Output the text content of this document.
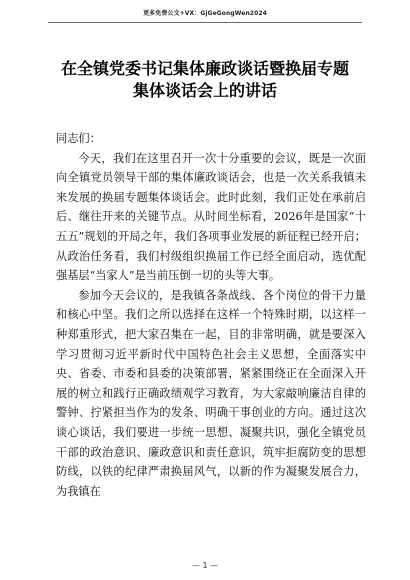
更多免费公文+VX：GjGeGongWen2024
在全镇党委书记集体廉政谈话暨换届专题
集体谈话会上的讲话

同志们：

今天，我们在这里召开一次十分重要的会议，既是一次面向全镇党员领导干部的集体廉政谈话会，也是一次关系我镇未来发展的换届专题集体谈话会。此时此刻，我们正处在承前启后、继往开来的关键节点。从时间坐标看，2026年是国家“十五五”规划的开局之年，我们各项事业发展的新征程已经开启；从政治任务看，我们村级组织换届工作已经全面启动，选优配强基层“当家人”是当前压倒一切的头等大事。

参加今天会议的，是我镇各条战线、各个岗位的骨干力量和核心中坚。我们之所以选择在这样一个特殊时期，以这样一种郑重形式，把大家召集在一起，目的非常明确，就是要深入学习贯彻习近平新时代中国特色社会主义思想，全面落实中央、省委、市委和县委的决策部署，紧紧围绕正在全面深入开展的树立和践行正确政绩观学习教育，为大家敲响廉洁自律的警钟、拧紧担当作为的发条、明确干事创业的方向。通过这次谈心谈话，我们要进一步统一思想、凝聚共识，强化全镇党员干部的政治意识、廉政意识和责任意识，筑牢拒腐防变的思想防线，以铁的纪律严肃换届风气，以新的作为凝聚发展合力，为我镇在

— 1 —
